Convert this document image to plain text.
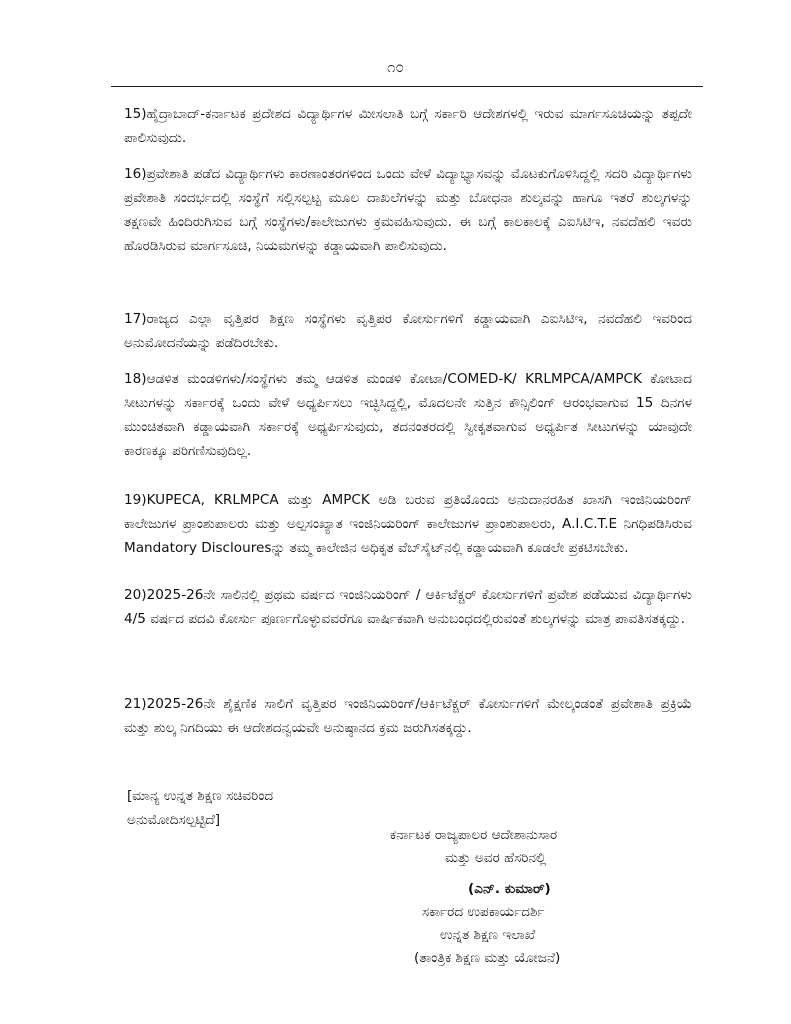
೧೦

15)ಹೈದ್ರಾಬಾದ್-ಕರ್ನಾಟಕ ಪ್ರದೇಶದ ವಿದ್ಯಾರ್ಥಿಗಳ ಮೀಸಲಾತಿ ಬಗ್ಗೆ ಸರ್ಕಾರಿ ಆದೇಶಗಳಲ್ಲಿ ಇರುವ ಮಾರ್ಗಸೂಚಿಯನ್ನು ತಪ್ಪದೇ ಪಾಲಿಸುವುದು.

16)ಪ್ರವೇಶಾತಿ ಪಡೆದ ವಿದ್ಯಾರ್ಥಿಗಳು ಕಾರಣಾಂತರಗಳಿಂದ ಒಂದು ವೇಳೆ ವಿದ್ಯಾಭ್ಯಾಸವನ್ನು ಮೊಟಕುಗೊಳಿಸಿದ್ದಲ್ಲಿ ಸದರಿ ವಿದ್ಯಾರ್ಥಿಗಳು ಪ್ರವೇಶಾತಿ ಸಂದರ್ಭದಲ್ಲಿ ಸಂಸ್ಥೆಗೆ ಸಲ್ಲಿಸಲ್ಪಟ್ಟ ಮೂಲ ದಾಖಲೆಗಳನ್ನು ಮತ್ತು ಬೋಧನಾ ಶುಲ್ಕವನ್ನು ಹಾಗೂ ಇತರೆ ಶುಲ್ಕಗಳನ್ನು ತಕ್ಷಣವೇ ಹಿಂದಿರುಗಿಸುವ ಬಗ್ಗೆ ಸಂಸ್ಥೆಗಳು/ಕಾಲೇಜುಗಳು ಕ್ರಮವಹಿಸುವುದು. ಈ ಬಗ್ಗೆ ಕಾಲಕಾಲಕ್ಕೆ ಎಐಸಿಟಿಇ, ನವದೆಹಲಿ ಇವರು ಹೊರಡಿಸಿರುವ ಮಾರ್ಗಸೂಚಿ, ನಿಯಮಗಳನ್ನು ಕಡ್ಡಾಯವಾಗಿ ಪಾಲಿಸುವುದು.

17)ರಾಜ್ಯದ ಎಲ್ಲಾ ವೃತ್ತಿಪರ ಶಿಕ್ಷಣ ಸಂಸ್ಥೆಗಳು ವೃತ್ತಿಪರ ಕೋರ್ಸುಗಳಿಗೆ ಕಡ್ಡಾಯವಾಗಿ ಎಐಸಿಟಿಇ, ನವದೆಹಲಿ ಇವರಿಂದ ಅನುಮೋದನೆಯನ್ನು ಪಡೆದಿರಬೇಕು.

18)ಆಡಳಿತ ಮಂಡಳಿಗಳು/ಸಂಸ್ಥೆಗಳು ತಮ್ಮ ಆಡಳಿತ ಮಂಡಳಿ ಕೋಟಾ/COMED-K/ KRLMPCA/AMPCK ಕೋಟಾದ ಸೀಟುಗಳನ್ನು ಸರ್ಕಾರಕ್ಕೆ ಒಂದು ವೇಳೆ ಅಧ್ಯರ್ಪಿಸಲು ಇಚ್ಛಿಸಿದ್ದಲ್ಲಿ, ಮೊದಲನೇ ಸುತ್ತಿನ ಕೌನ್ಸಿಲಿಂಗ್ ಆರಂಭವಾಗುವ 15 ದಿನಗಳ ಮುಂಚಿತವಾಗಿ ಕಡ್ಡಾಯವಾಗಿ ಸರ್ಕಾರಕ್ಕೆ ಅಧ್ಯರ್ಪಿಸುವುದು, ತದನಂತರದಲ್ಲಿ ಸ್ವೀಕೃತವಾಗುವ ಅಧ್ಯರ್ಪಿತ ಸೀಟುಗಳನ್ನು ಯಾವುದೇ ಕಾರಣಕ್ಕೂ ಪರಿಗಣಿಸುವುದಿಲ್ಲ.

19)KUPECA, KRLMPCA ಮತ್ತು AMPCK ಅಡಿ ಬರುವ ಪ್ರತಿಯೊಂದು ಅನುದಾನರಹಿತ ಖಾಸಗಿ ಇಂಜಿನಿಯರಿಂಗ್ ಕಾಲೇಜುಗಳ ಪ್ರಾಂಶುಪಾಲರು ಮತ್ತು ಅಲ್ಪಸಂಖ್ಯಾತ ಇಂಜಿನಿಯರಿಂಗ್ ಕಾಲೇಜುಗಳ ಪ್ರಾಂಶುಪಾಲರು, A.I.C.T.E ನಿಗಧಿಪಡಿಸಿರುವ Mandatory Discloures‍ನ್ನು ತಮ್ಮ ಕಾಲೇಜಿನ ಅಧಿಕೃತ ವೆಬ್‌ಸೈಟ್‌ನಲ್ಲಿ ಕಡ್ಡಾಯವಾಗಿ ಕೂಡಲೇ ಪ್ರಕಟಿಸಬೇಕು.

20)2025-26ನೇ ಸಾಲಿನಲ್ಲಿ ಪ್ರಥಮ ವರ್ಷದ ಇಂಜಿನಿಯರಿಂಗ್ / ಆರ್ಕಿಟೆಕ್ಚರ್ ಕೋರ್ಸುಗಳಿಗೆ ಪ್ರವೇಶ ಪಡೆಯುವ ವಿದ್ಯಾರ್ಥಿಗಳು 4/5 ವರ್ಷದ ಪದವಿ ಕೋರ್ಸು ಪೂರ್ಣಗೊಳ್ಳುವವರೆಗೂ ವಾರ್ಷಿಕವಾಗಿ ಅನುಬಂಧದಲ್ಲಿರುವಂತೆ ಶುಲ್ಕಗಳನ್ನು ಮಾತ್ರ ಪಾವತಿಸತಕ್ಕದ್ದು.

21)2025-26ನೇ ಶೈಕ್ಷಣಿಕ ಸಾಲಿಗೆ ವೃತ್ತಿಪರ ಇಂಜಿನಿಯರಿಂಗ್/ಆರ್ಕಿಟೆಕ್ಚರ್ ಕೋರ್ಸುಗಳಿಗೆ ಮೇಲ್ಕಂಡಂತೆ ಪ್ರವೇಶಾತಿ ಪ್ರಕ್ರಿಯೆ ಮತ್ತು ಶುಲ್ಕ ನಿಗದಿಯು ಈ ಆದೇಶದನ್ವಯವೇ ಅನುಷ್ಠಾನದ ಕ್ರಮ ಜರುಗಿಸತಕ್ಕದ್ದು.

[ಮಾನ್ಯ ಉನ್ನತ ಶಿಕ್ಷಣ ಸಚಿವರಿಂದ

ಅನುಮೋದಿಸಲ್ಪಟ್ಟಿದೆ]

ಕರ್ನಾಟಕ ರಾಜ್ಯಪಾಲರ ಆದೇಶಾನುಸಾರ

ಮತ್ತು ಅವರ ಹೆಸರಿನಲ್ಲಿ

(ಎನ್. ಕುಮಾರ್)

ಸರ್ಕಾರದ ಉಪಕಾರ್ಯದರ್ಶಿ

ಉನ್ನತ ಶಿಕ್ಷಣ ಇಲಾಖೆ

(ತಾಂತ್ರಿಕ ಶಿಕ್ಷಣ ಮತ್ತು ಯೋಜನೆ)
